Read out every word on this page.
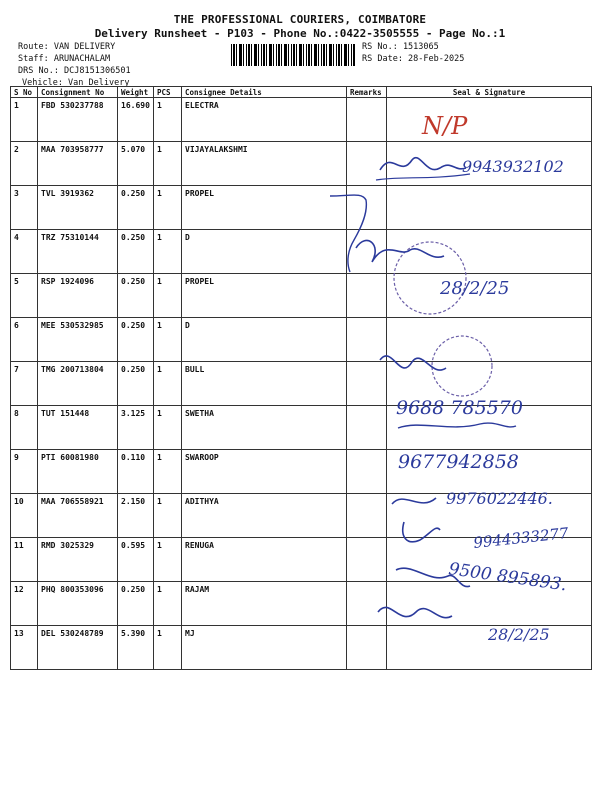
THE PROFESSIONAL COURIERS, COIMBATORE
Delivery Runsheet - P103 - Phone No.:0422-3505555 - Page No.:1
Route: VAN DELIVERY
Staff: ARUNACHALAM
DRS No.: DCJ8151306501
Vehicle: Van Delivery
RS No.: 1513065
RS Date: 28-Feb-2025
S No	Consignment No	Weight	PCS	Consignee Details	Remarks	Seal & Signature
1	FBD 530237788	16.690	1	ELECTRA		
2	MAA 703958777	5.070	1	VIJAYALAKSHMI		
3	TVL 3919362	0.250	1	PROPEL		
4	TRZ 75310144	0.250	1	D		
5	RSP 1924096	0.250	1	PROPEL		
6	MEE 530532985	0.250	1	D		
7	TMG 200713804	0.250	1	BULL		
8	TUT 151448	3.125	1	SWETHA		
9	PTI 60081980	0.110	1	SWAROOP		
10	MAA 706558921	2.150	1	ADITHYA		
11	RMD 3025329	0.595	1	RENUGA		
12	PHQ 800353096	0.250	1	RAJAM		
13	DEL 530248789	5.390	1	MJ		
N/P
9943932102
28/2/25
9688 785570
9677942858
9976022446.
9944333277
9500 895893.
28/2/25
